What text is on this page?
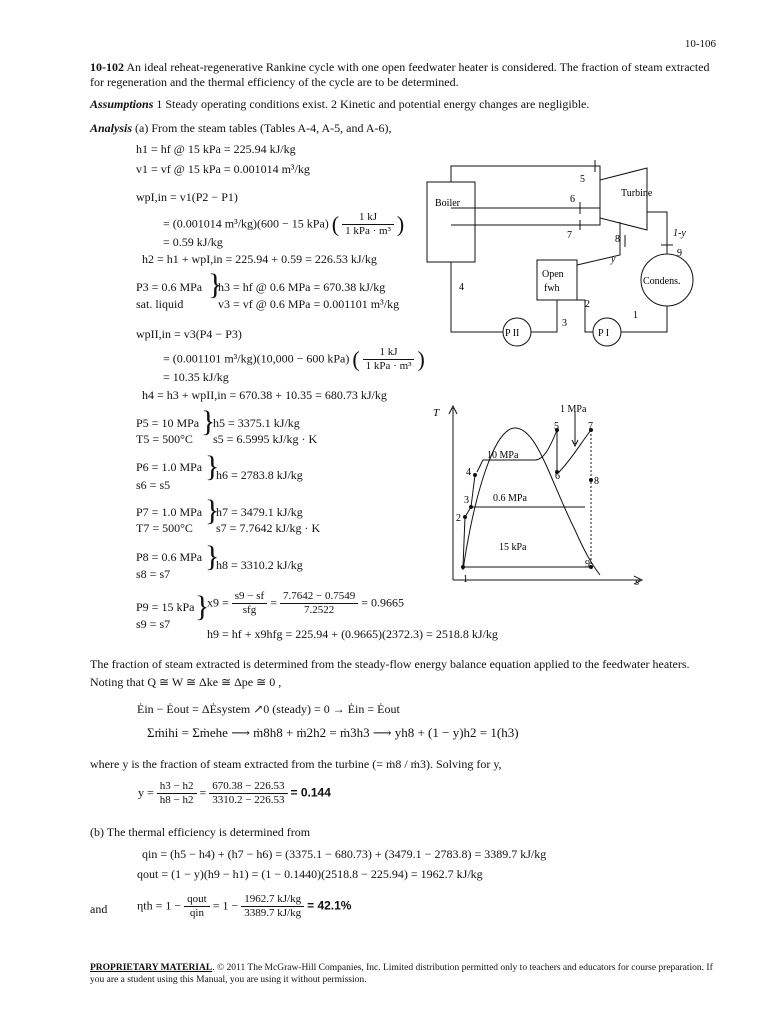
10-106
10-102 An ideal reheat-regenerative Rankine cycle with one open feedwater heater is considered. The fraction of steam extracted for regeneration and the thermal efficiency of the cycle are to be determined.
Assumptions 1 Steady operating conditions exist. 2 Kinetic and potential energy changes are negligible.
Analysis (a) From the steam tables (Tables A-4, A-5, and A-6),
h1 = hf @ 15 kPa = 225.94 kJ/kg
v1 = vf @ 15 kPa = 0.001014 m³/kg
wpI,in = v1(P2 − P1)
= (0.001014 m³/kg)(600 − 15 kPa) ( $\frac{1 kJ}{\text{1 kPa · m³}}$ )
= 0.59 kJ/kg
h2 = h1 + wpI,in = 225.94 + 0.59 = 226.53 kJ/kg
P3 = 0.6 MPa
sat. liquid
}
h3 = hf @ 0.6 MPa = 670.38 kJ/kg
v3 = vf @ 0.6 MPa = 0.001101 m³/kg
wpII,in = v3(P4 − P3)
= (0.001101 m³/kg)(10,000 − 600 kPa) ( $\frac{1 kJ}{\text{1 kPa · m³}}$ )
= 10.35 kJ/kg
h4 = h3 + wpII,in = 670.38 + 10.35 = 680.73 kJ/kg
P5 = 10 MPa
T5 = 500°C
}
h5 = 3375.1 kJ/kg
s5 = 6.5995 kJ/kg · K
P6 = 1.0 MPa
s6 = s5
}
h6 = 2783.8 kJ/kg
P7 = 1.0 MPa
T7 = 500°C
}
h7 = 3479.1 kJ/kg
s7 = 7.7642 kJ/kg · K
P8 = 0.6 MPa
s8 = s7
}
h8 = 3310.2 kJ/kg
P9 = 15 kPa
s9 = s7
}
$x9 = \frac{s9 - sf}{\text{sfg}} = \frac{7.7642 - 0.7549}{7.2522} = 0.9665$
h9 = hf + x9hfg = 225.94 + (0.9665)(2372.3) = 2518.8 kJ/kg
Boiler
Turbine
Condens.
Open
fwh
P I
P II
1
2
3
4
5
6
7	8
9
y
1-y
T
s
1 MPa
10 MPa
0.6 MPa
15 kPa
1
2
3
4
5
6
7
8
9
The fraction of steam extracted is determined from the steady-flow energy balance equation applied to the feedwater heaters. Noting that Q ≅ W ≅ Δke ≅ Δpe ≅ 0 ,
Ėin − Ėout = ΔĖsystem ↗0 (steady) = 0 → Ėin = Ėout
Σṁihi = Σṁehe ⟶ ṁ8h8 + ṁ2h2 = ṁ3h3 ⟶ yh8 + (1 − y)h2 = 1(h3)
where y is the fraction of steam extracted from the turbine (= ṁ8 / ṁ3). Solving for y,
$y = \frac{h3 - h2}{h8 - h2} = \frac{670.38 - 226.53}{3310.2 - 226.53} = 0.144$
(b) The thermal efficiency is determined from
qin = (h5 − h4) + (h7 − h6) = (3375.1 − 680.73) + (3479.1 − 2783.8) = 3389.7 kJ/kg
qout = (1 − y)(h9 − h1) = (1 − 0.1440)(2518.8 − 225.94) = 1962.7 kJ/kg
and $\eta th = 1 - \frac{\text{qout}}{\text{qin}} = 1 - \frac{1962.7 kJ/kg}{3389.7 kJ/kg} = 42.1\%$
PROPRIETARY MATERIAL. © 2011 The McGraw-Hill Companies, Inc. Limited distribution permitted only to teachers and educators for course preparation. If you are a student using this Manual, you are using it without permission.
